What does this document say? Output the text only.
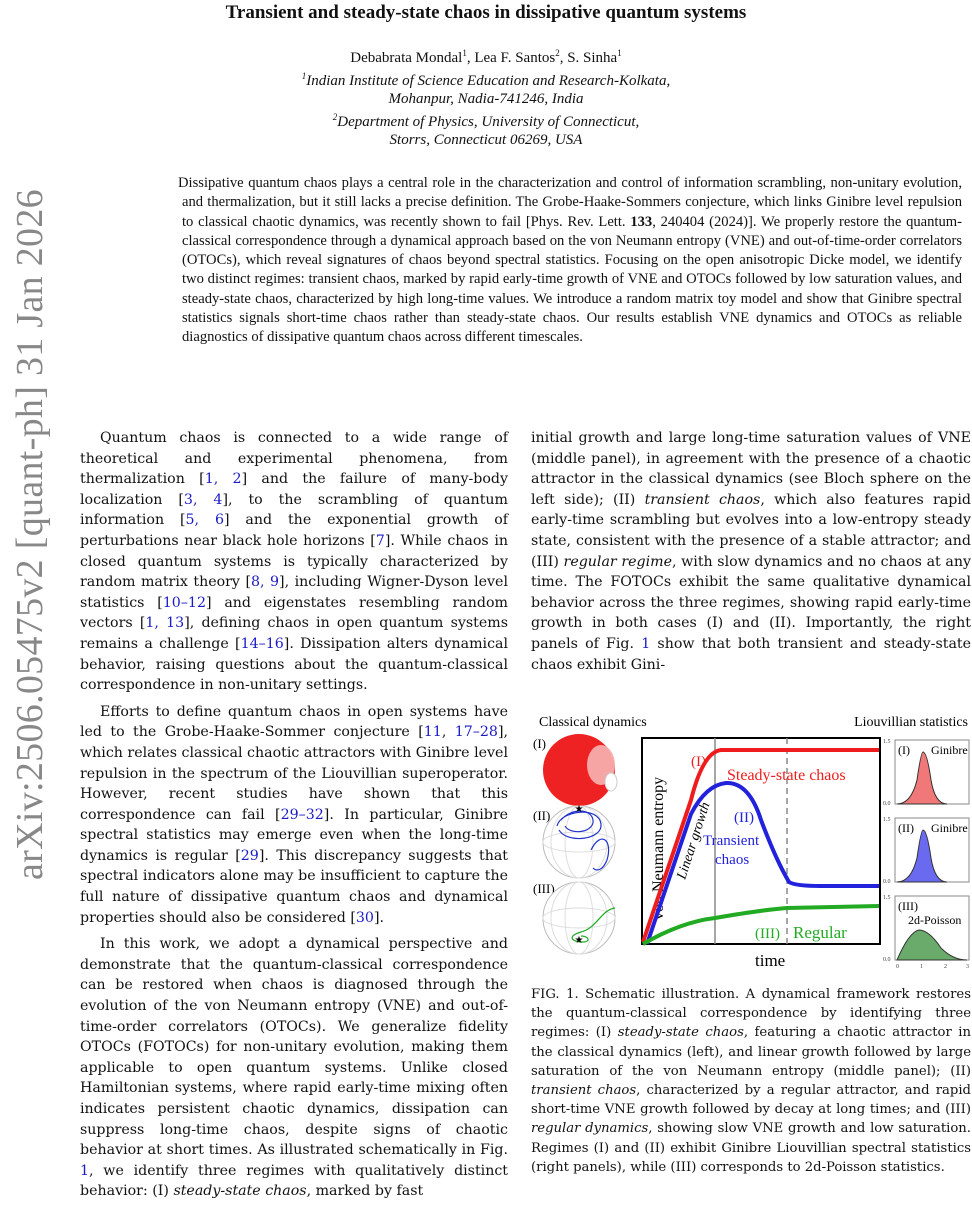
Transient and steady-state chaos in dissipative quantum systems
Debabrata Mondal$^1$, Lea F. Santos$^2$, S. Sinha$^1$
$^1$Indian Institute of Science Education and Research-Kolkata,
Mohanpur, Nadia-741246, India
$^2$Department of Physics, University of Connecticut,
Storrs, Connecticut 06269, USA
arXiv:2506.05475v2 [quant-ph] 31 Jan 2026

Dissipative quantum chaos plays a central role in the characterization and control of information scrambling, non-unitary evolution, and thermalization, but it still lacks a precise definition. The Grobe-Haake-Sommers conjecture, which links Ginibre level repulsion to classical chaotic dynamics, was recently shown to fail [Phys. Rev. Lett. 133, 240404 (2024)]. We properly restore the quantum-classical correspondence through a dynamical approach based on the von Neumann entropy (VNE) and out-of-time-order correlators (OTOCs), which reveal signatures of chaos beyond spectral statistics. Focusing on the open anisotropic Dicke model, we identify two distinct regimes: transient chaos, marked by rapid early-time growth of VNE and OTOCs followed by low saturation values, and steady-state chaos, characterized by high long-time values. We introduce a random matrix toy model and show that Ginibre spectral statistics signals short-time chaos rather than steady-state chaos. Our results establish VNE dynamics and OTOCs as reliable diagnostics of dissipative quantum chaos across different timescales.

Quantum chaos is connected to a wide range of theoretical and experimental phenomena, from thermalization [1, 2] and the failure of many-body localization [3, 4], to the scrambling of quantum information [5, 6] and the exponential growth of perturbations near black hole horizons [7]. While chaos in closed quantum systems is typically characterized by random matrix theory [8, 9], including Wigner-Dyson level statistics [10–12] and eigenstates resembling random vectors [1, 13], defining chaos in open quantum systems remains a challenge [14–16]. Dissipation alters dynamical behavior, raising questions about the quantum-classical correspondence in non-unitary settings.

Efforts to define quantum chaos in open systems have led to the Grobe-Haake-Sommer conjecture [11, 17–28], which relates classical chaotic attractors with Ginibre level repulsion in the spectrum of the Liouvillian superoperator. However, recent studies have shown that this correspondence can fail [29–32]. In particular, Ginibre spectral statistics may emerge even when the long-time dynamics is regular [29]. This discrepancy suggests that spectral indicators alone may be insufficient to capture the full nature of dissipative quantum chaos and dynamical properties should also be considered [30].

In this work, we adopt a dynamical perspective and demonstrate that the quantum-classical correspondence can be restored when chaos is diagnosed through the evolution of the von Neumann entropy (VNE) and out-of-time-order correlators (OTOCs). We generalize fidelity OTOCs (FOTOCs) for non-unitary evolution, making them applicable to open quantum systems. Unlike closed Hamiltonian systems, where rapid early-time mixing often indicates persistent chaotic dynamics, dissipation can suppress long-time chaos, despite signs of chaotic behavior at short times. As illustrated schematically in Fig. 1, we identify three regimes with qualitatively distinct behavior: (I) steady-state chaos, marked by fast

initial growth and large long-time saturation values of VNE (middle panel), in agreement with the presence of a chaotic attractor in the classical dynamics (see Bloch sphere on the left side); (II) transient chaos, which also features rapid early-time scrambling but evolves into a low-entropy steady state, consistent with the presence of a stable attractor; and (III) regular regime, with slow dynamics and no chaos at any time. The FOTOCs exhibit the same qualitative dynamical behavior across the three regimes, showing rapid early-time growth in both cases (I) and (II). Importantly, the right panels of Fig. 1 show that both transient and steady-state chaos exhibit Gini-

Classical dynamics	Liouvillian statistics
(I)
(II) ★
(III)
★
von Neumann entropy Linear growth
(I)
Steady-state chaos
(II)
Transient
chaos
(III) Regular
time
(I) Ginibre
(II) Ginibre
(III)
2d-Poisson
1.5
0.0
1.5
0.0
1.5
0.0
0	1	2	3
FIG. 1. Schematic illustration. A dynamical framework restores the quantum-classical correspondence by identifying three regimes: (I) steady-state chaos, featuring a chaotic attractor in the classical dynamics (left), and linear growth followed by large saturation of the von Neumann entropy (middle panel); (II) transient chaos, characterized by a regular attractor, and rapid short-time VNE growth followed by decay at long times; and (III) regular dynamics, showing slow VNE growth and low saturation. Regimes (I) and (II) exhibit Ginibre Liouvillian spectral statistics (right panels), while (III) corresponds to 2d-Poisson statistics.
